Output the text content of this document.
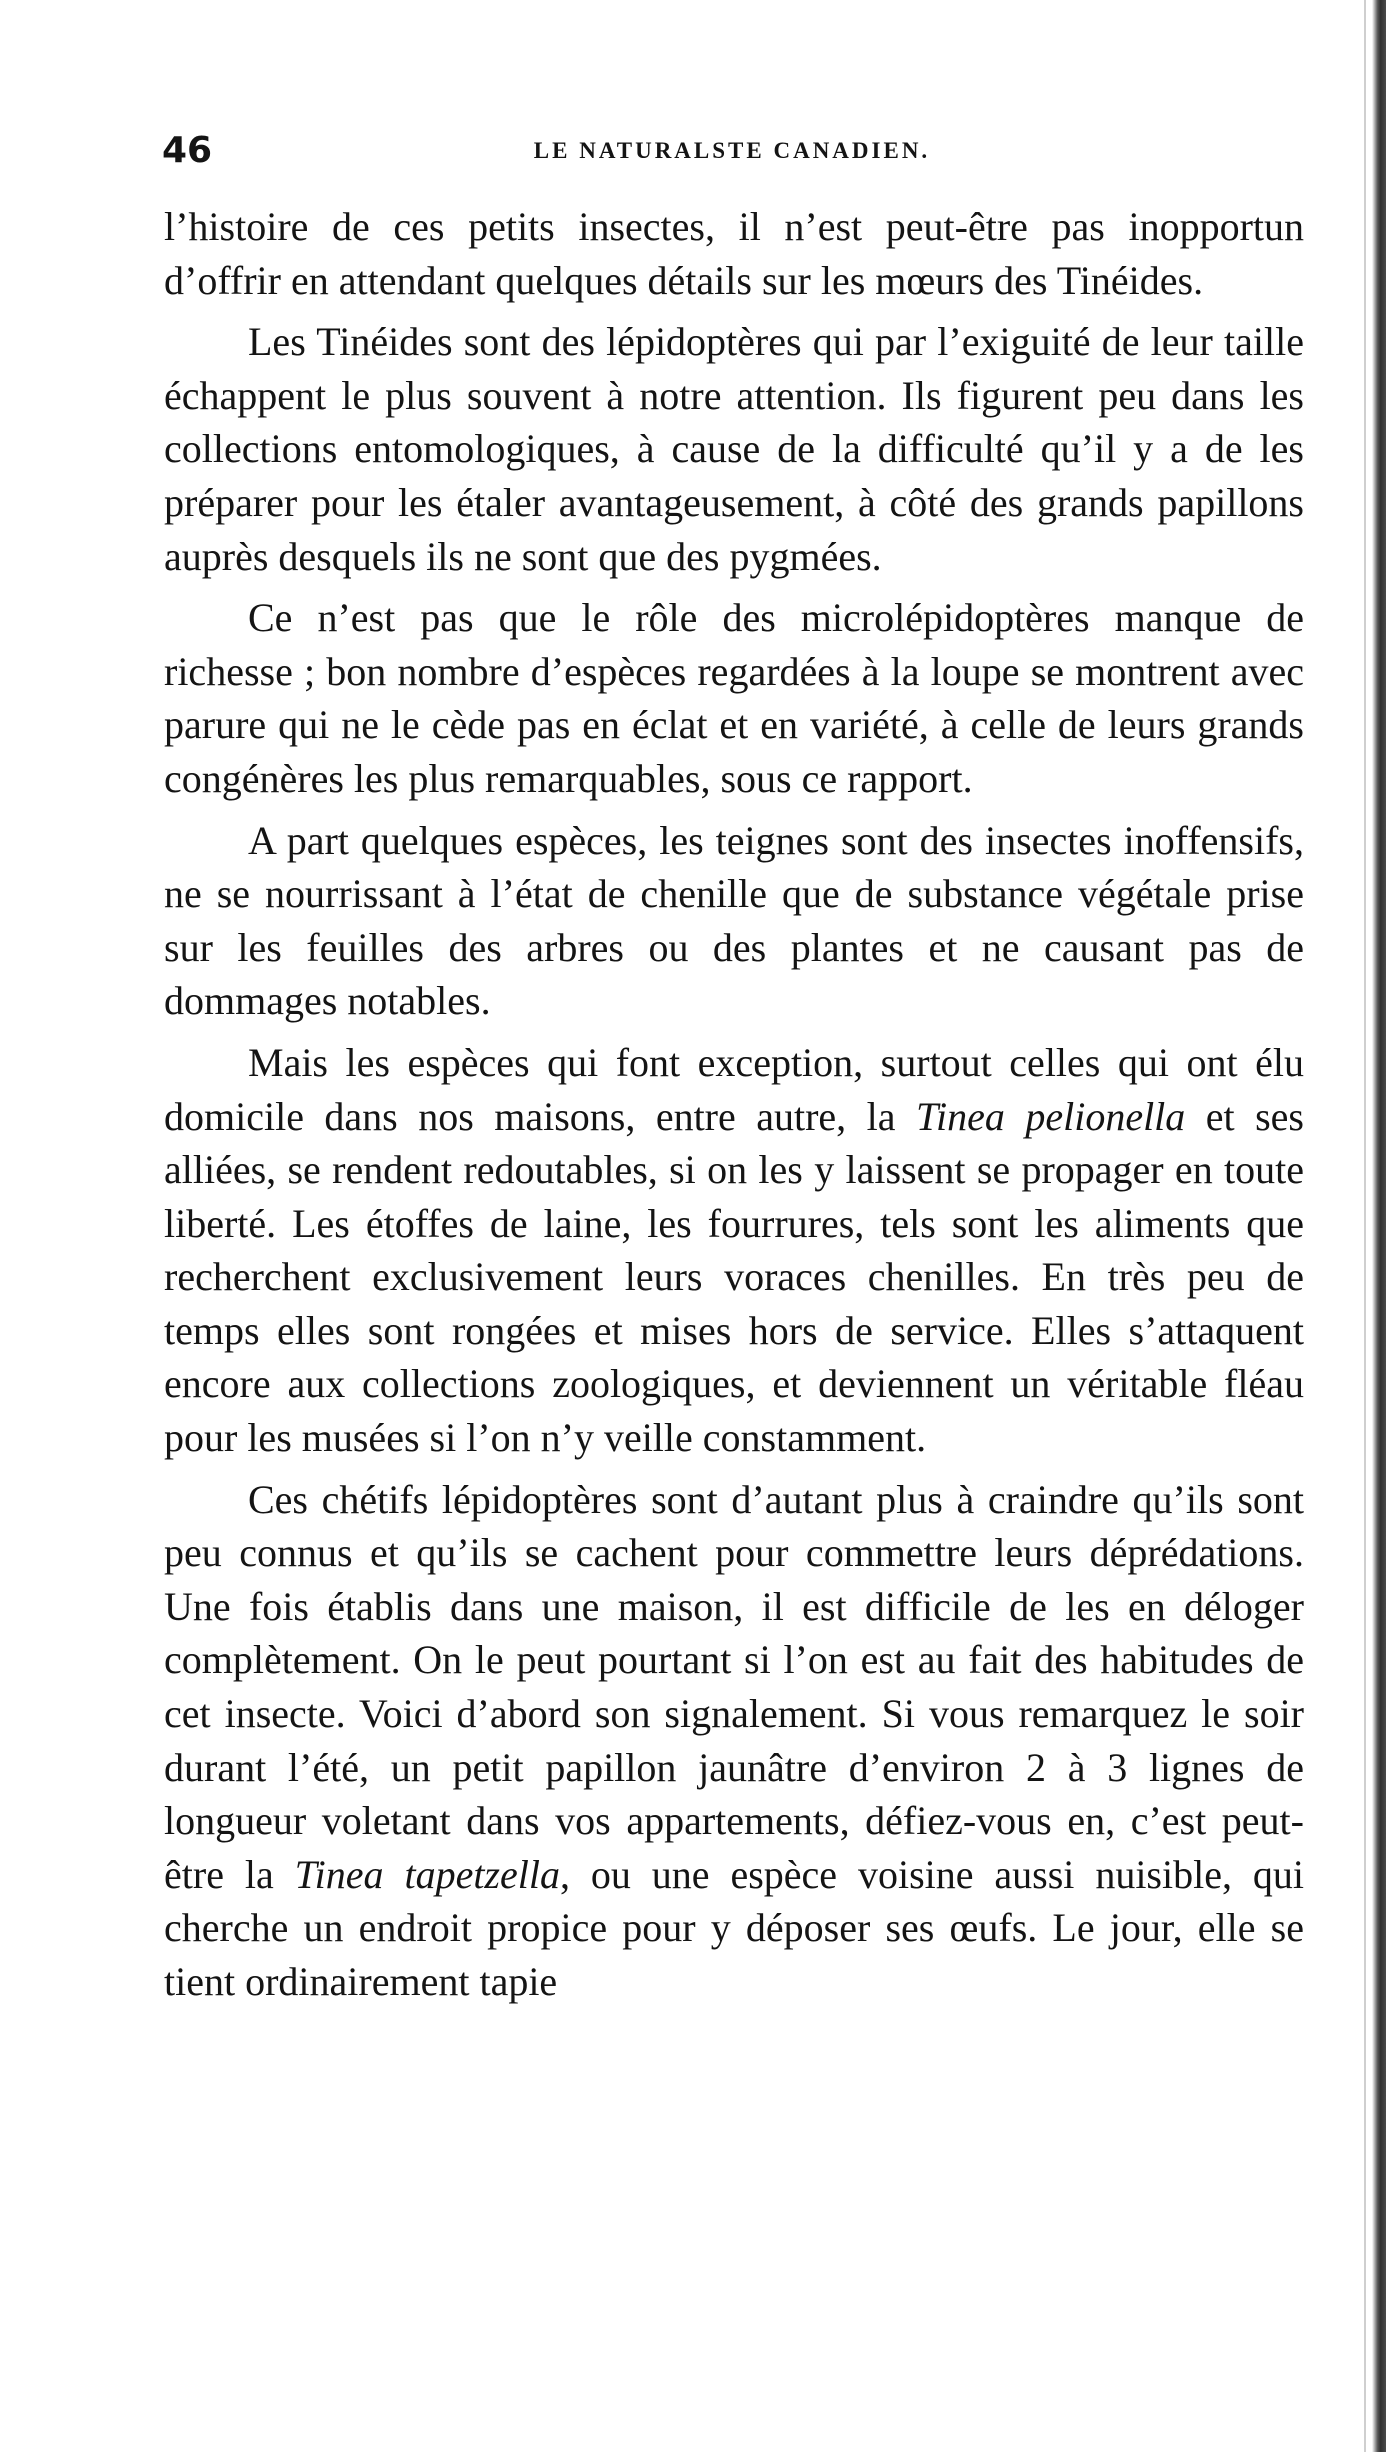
46	LE NATURALSTE CANADIEN.

l’histoire de ces petits insectes, il n’est peut-être pas inopportun d’offrir en attendant quelques détails sur les mœurs des Tinéides.

Les Tinéides sont des lépidoptères qui par l’exiguité de leur taille échappent le plus souvent à notre attention. Ils figurent peu dans les collections entomologiques, à cause de la difficulté qu’il y a de les préparer pour les étaler avantageusement, à côté des grands papillons auprès desquels ils ne sont que des pygmées.

Ce n’est pas que le rôle des microlépidoptères manque de richesse ; bon nombre d’espèces regardées à la loupe se montrent avec parure qui ne le cède pas en éclat et en variété, à celle de leurs grands congénères les plus remarquables, sous ce rapport.

A part quelques espèces, les teignes sont des insectes inoffensifs, ne se nourrissant à l’état de chenille que de substance végétale prise sur les feuilles des arbres ou des plantes et ne causant pas de dommages notables.

Mais les espèces qui font exception, surtout celles qui ont élu domicile dans nos maisons, entre autre, la Tinea pelionella et ses alliées, se rendent redoutables, si on les y laissent se propager en toute liberté. Les étoffes de laine, les fourrures, tels sont les aliments que recherchent exclusivement leurs voraces chenilles. En très peu de temps elles sont rongées et mises hors de service. Elles s’attaquent encore aux collections zoologiques, et deviennent un véritable fléau pour les musées si l’on n’y veille constamment.

Ces chétifs lépidoptères sont d’autant plus à craindre qu’ils sont peu connus et qu’ils se cachent pour commettre leurs déprédations. Une fois établis dans une maison, il est difficile de les en déloger complètement. On le peut pourtant si l’on est au fait des habitudes de cet insecte. Voici d’abord son signalement. Si vous remarquez le soir durant l’été, un petit papillon jaunâtre d’environ 2 à 3 lignes de longueur voletant dans vos appartements, défiez-vous en, c’est peut-être la Tinea tapetzella, ou une espèce voisine aussi nuisible, qui cherche un endroit propice pour y déposer ses œufs. Le jour, elle se tient ordinairement tapie
